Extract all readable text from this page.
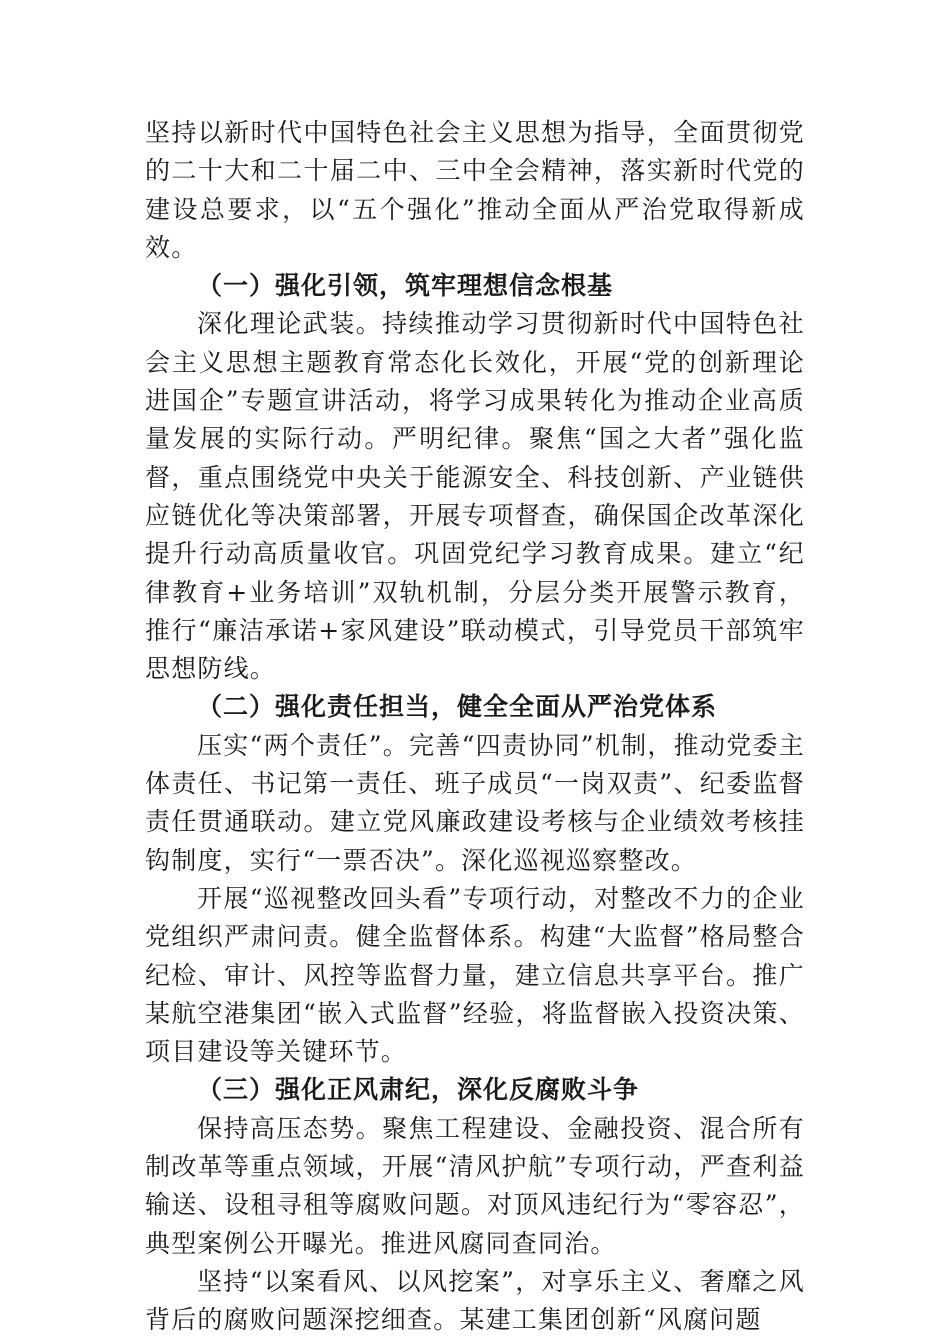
坚持以新时代中国特色社会主义思想为指导，全面贯彻党的二十大和二十届二中、三中全会精神，落实新时代党的建设总要求，以“五个强化”推动全面从严治党取得新成效。

（一）强化引领，筑牢理想信念根基

深化理论武装。持续推动学习贯彻新时代中国特色社会主义思想主题教育常态化长效化，开展“党的创新理论进国企”专题宣讲活动，将学习成果转化为推动企业高质量发展的实际行动。严明纪律。聚焦“国之大者”强化监督，重点围绕党中央关于能源安全、科技创新、产业链供应链优化等决策部署，开展专项督查，确保国企改革深化提升行动高质量收官。巩固党纪学习教育成果。建立“纪律教育+业务培训”双轨机制，分层分类开展警示教育，推行“廉洁承诺+家风建设”联动模式，引导党员干部筑牢思想防线。

（二）强化责任担当，健全全面从严治党体系

压实“两个责任”。完善“四责协同”机制，推动党委主体责任、书记第一责任、班子成员“一岗双责”、纪委监督责任贯通联动。建立党风廉政建设考核与企业绩效考核挂钩制度，实行“一票否决”。深化巡视巡察整改。

开展“巡视整改回头看”专项行动，对整改不力的企业党组织严肃问责。健全监督体系。构建“大监督”格局整合纪检、审计、风控等监督力量，建立信息共享平台。推广某航空港集团“嵌入式监督”经验，将监督嵌入投资决策、项目建设等关键环节。

（三）强化正风肃纪，深化反腐败斗争

保持高压态势。聚焦工程建设、金融投资、混合所有制改革等重点领域，开展“清风护航”专项行动，严查利益输送、设租寻租等腐败问题。对顶风违纪行为“零容忍”，典型案例公开曝光。推进风腐同查同治。

坚持“以案看风、以风挖案”，对享乐主义、奢靡之风背后的腐败问题深挖细查。某建工集团创新“风腐问题
